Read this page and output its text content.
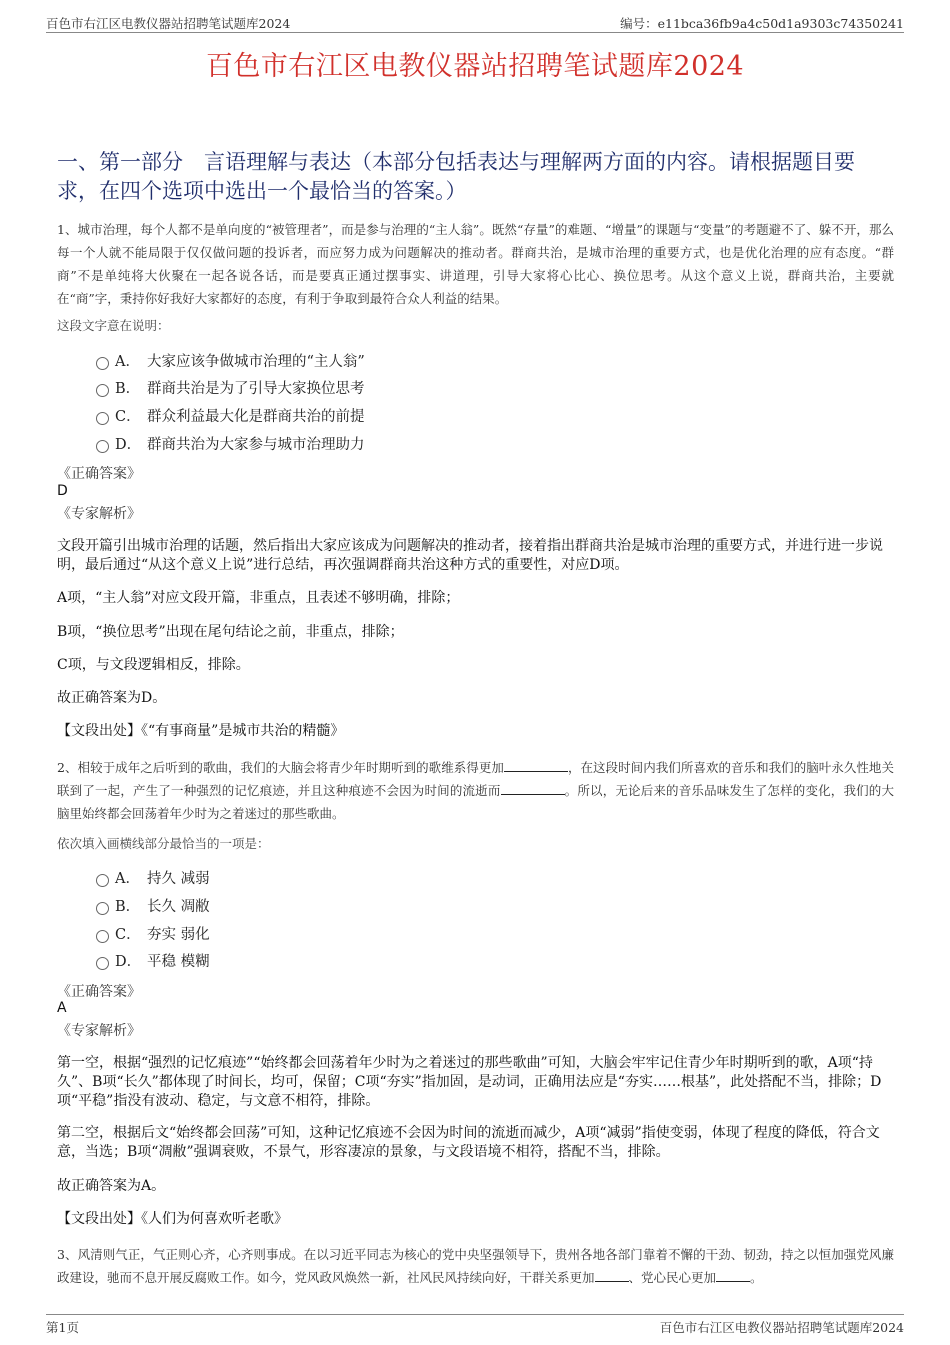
百色市右江区电教仪器站招聘笔试题库2024	编号：e11bca36fb9a4c50d1a9303c74350241
百色市右江区电教仪器站招聘笔试题库2024
一、第一部分　言语理解与表达（本部分包括表达与理解两方面的内容。请根据题目要求，在四个选项中选出一个最恰当的答案。）
1、城市治理，每个人都不是单向度的“被管理者”，而是参与治理的“主人翁”。既然“存量”的难题、“增量”的课题与“变量”的考题避不了、躲不开，那么每一个人就不能局限于仅仅做问题的投诉者，而应努力成为问题解决的推动者。群商共治，是城市治理的重要方式，也是优化治理的应有态度。“群商”不是单纯将大伙聚在一起各说各话，而是要真正通过摆事实、讲道理，引导大家将心比心、换位思考。从这个意义上说，群商共治，主要就在“商”字，秉持你好我好大家都好的态度，有利于争取到最符合众人利益的结果。
这段文字意在说明：
A． 大家应该争做城市治理的“主人翁”
B． 群商共治是为了引导大家换位思考
C． 群众利益最大化是群商共治的前提
D． 群商共治为大家参与城市治理助力
《正确答案》
D
《专家解析》
文段开篇引出城市治理的话题，然后指出大家应该成为问题解决的推动者，接着指出群商共治是城市治理的重要方式，并进行进一步说明，最后通过“从这个意义上说”进行总结，再次强调群商共治这种方式的重要性，对应D项。
A项，“主人翁”对应文段开篇，非重点，且表述不够明确，排除；
B项，“换位思考”出现在尾句结论之前，非重点，排除；
C项，与文段逻辑相反，排除。
故正确答案为D。
【文段出处】《“有事商量”是城市共治的精髓》
2、相较于成年之后听到的歌曲，我们的大脑会将青少年时期听到的歌维系得更加	，在这段时间内我们所喜欢的音乐和我们的脑叶永久性地关联到了一起，产生了一种强烈的记忆痕迹，并且这种痕迹不会因为时间的流逝而	。所以，无论后来的音乐品味发生了怎样的变化，我们的大脑里始终都会回荡着年少时为之着迷过的那些歌曲。
依次填入画横线部分最恰当的一项是：
A． 持久 减弱
B． 长久 凋敝
C． 夯实 弱化
D． 平稳 模糊
《正确答案》
A
《专家解析》
第一空，根据“强烈的记忆痕迹”“始终都会回荡着年少时为之着迷过的那些歌曲”可知，大脑会牢牢记住青少年时期听到的歌，A项“持久”、B项“长久”都体现了时间长，均可，保留；C项“夯实”指加固，是动词，正确用法应是“夯实……根基”，此处搭配不当，排除；D项“平稳”指没有波动、稳定，与文意不相符，排除。
第二空，根据后文“始终都会回荡”可知，这种记忆痕迹不会因为时间的流逝而减少，A项“减弱”指使变弱，体现了程度的降低，符合文意，当选；B项“凋敝”强调衰败，不景气，形容凄凉的景象，与文段语境不相符，搭配不当，排除。
故正确答案为A。
【文段出处】《人们为何喜欢听老歌》
3、风清则气正，气正则心齐，心齐则事成。在以习近平同志为核心的党中央坚强领导下，贵州各地各部门靠着不懈的干劲、韧劲，持之以恒加强党风廉政建设，驰而不息开展反腐败工作。如今，党风政风焕然一新，社风民风持续向好，干群关系更加	、党心民心更加	。
第1页	百色市右江区电教仪器站招聘笔试题库2024
